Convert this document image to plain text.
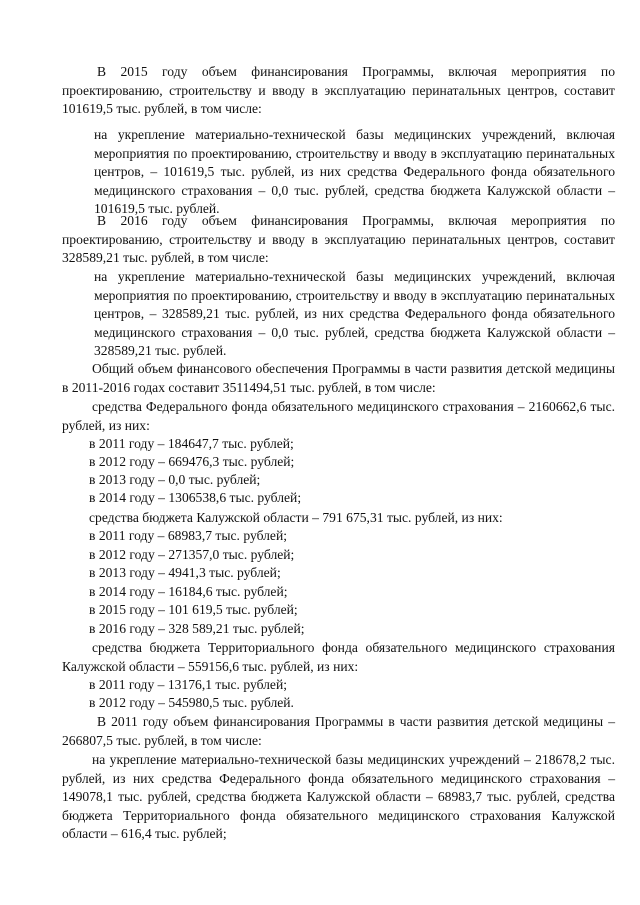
В 2015 году объем финансирования Программы, включая мероприятия по проектированию, строительству и вводу в эксплуатацию перинатальных центров, составит 101619,5 тыс. рублей, в том числе:

на укрепление материально-технической базы медицинских учреждений, включая мероприятия по проектированию, строительству и вводу в эксплуатацию перинатальных центров, – 101619,5 тыс. рублей, из них средства Федерального фонда обязательного медицинского страхования – 0,0 тыс. рублей, средства бюджета Калужской области – 101619,5 тыс. рублей.

В 2016 году объем финансирования Программы, включая мероприятия по проектированию, строительству и вводу в эксплуатацию перинатальных центров, составит 328589,21 тыс. рублей, в том числе:

на укрепление материально-технической базы медицинских учреждений, включая мероприятия по проектированию, строительству и вводу в эксплуатацию перинатальных центров, – 328589,21 тыс. рублей, из них средства Федерального фонда обязательного медицинского страхования – 0,0 тыс. рублей, средства бюджета Калужской области – 328589,21 тыс. рублей.

Общий объем финансового обеспечения Программы в части развития детской медицины в 2011-2016 годах составит 3511494,51 тыс. рублей, в том числе:

средства Федерального фонда обязательного медицинского страхования – 2160662,6 тыс. рублей, из них:

в 2011 году – 184647,7 тыс. рублей;

в 2012 году – 669476,3 тыс. рублей;

в 2013 году – 0,0 тыс. рублей;

в 2014 году – 1306538,6 тыс. рублей;

средства бюджета Калужской области – 791 675,31 тыс. рублей, из них:

в 2011 году – 68983,7 тыс. рублей;

в 2012 году – 271357,0 тыс. рублей;

в 2013 году – 4941,3 тыс. рублей;

в 2014 году – 16184,6 тыс. рублей;

в 2015 году – 101 619,5 тыс. рублей;

в 2016 году – 328 589,21 тыс. рублей;

средства бюджета Территориального фонда обязательного медицинского страхования Калужской области – 559156,6 тыс. рублей, из них:

в 2011 году – 13176,1 тыс. рублей;

в 2012 году – 545980,5 тыс. рублей.

В 2011 году объем финансирования Программы в части развития детской медицины – 266807,5 тыс. рублей, в том числе:

на укрепление материально-технической базы медицинских учреждений – 218678,2 тыс. рублей, из них средства Федерального фонда обязательного медицинского страхования – 149078,1 тыс. рублей, средства бюджета Калужской области – 68983,7 тыс. рублей, средства бюджета Территориального фонда обязательного медицинского страхования Калужской области – 616,4 тыс. рублей;
